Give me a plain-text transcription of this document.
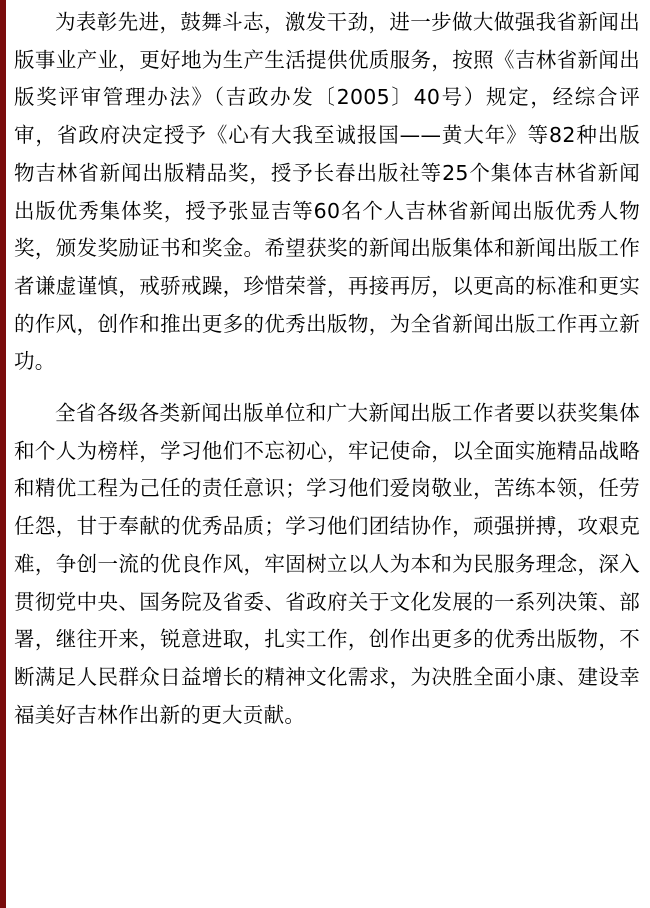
为表彰先进，鼓舞斗志，激发干劲，进一步做大做强我省新闻出版事业产业，更好地为生产生活提供优质服务，按照《吉林省新闻出版奖评审管理办法》（吉政办发〔2005〕40号）规定，经综合评审，省政府决定授予《心有大我至诚报国——黄大年》等82种出版物吉林省新闻出版精品奖，授予长春出版社等25个集体吉林省新闻出版优秀集体奖，授予张显吉等60名个人吉林省新闻出版优秀人物奖，颁发奖励证书和奖金。希望获奖的新闻出版集体和新闻出版工作者谦虚谨慎，戒骄戒躁，珍惜荣誉，再接再厉，以更高的标准和更实的作风，创作和推出更多的优秀出版物，为全省新闻出版工作再立新功。

全省各级各类新闻出版单位和广大新闻出版工作者要以获奖集体和个人为榜样，学习他们不忘初心，牢记使命，以全面实施精品战略和精优工程为己任的责任意识；学习他们爱岗敬业，苦练本领，任劳任怨，甘于奉献的优秀品质；学习他们团结协作，顽强拼搏，攻艰克难，争创一流的优良作风，牢固树立以人为本和为民服务理念，深入贯彻党中央、国务院及省委、省政府关于文化发展的一系列决策、部署，继往开来，锐意进取，扎实工作，创作出更多的优秀出版物，不断满足人民群众日益增长的精神文化需求，为决胜全面小康、建设幸福美好吉林作出新的更大贡献。
